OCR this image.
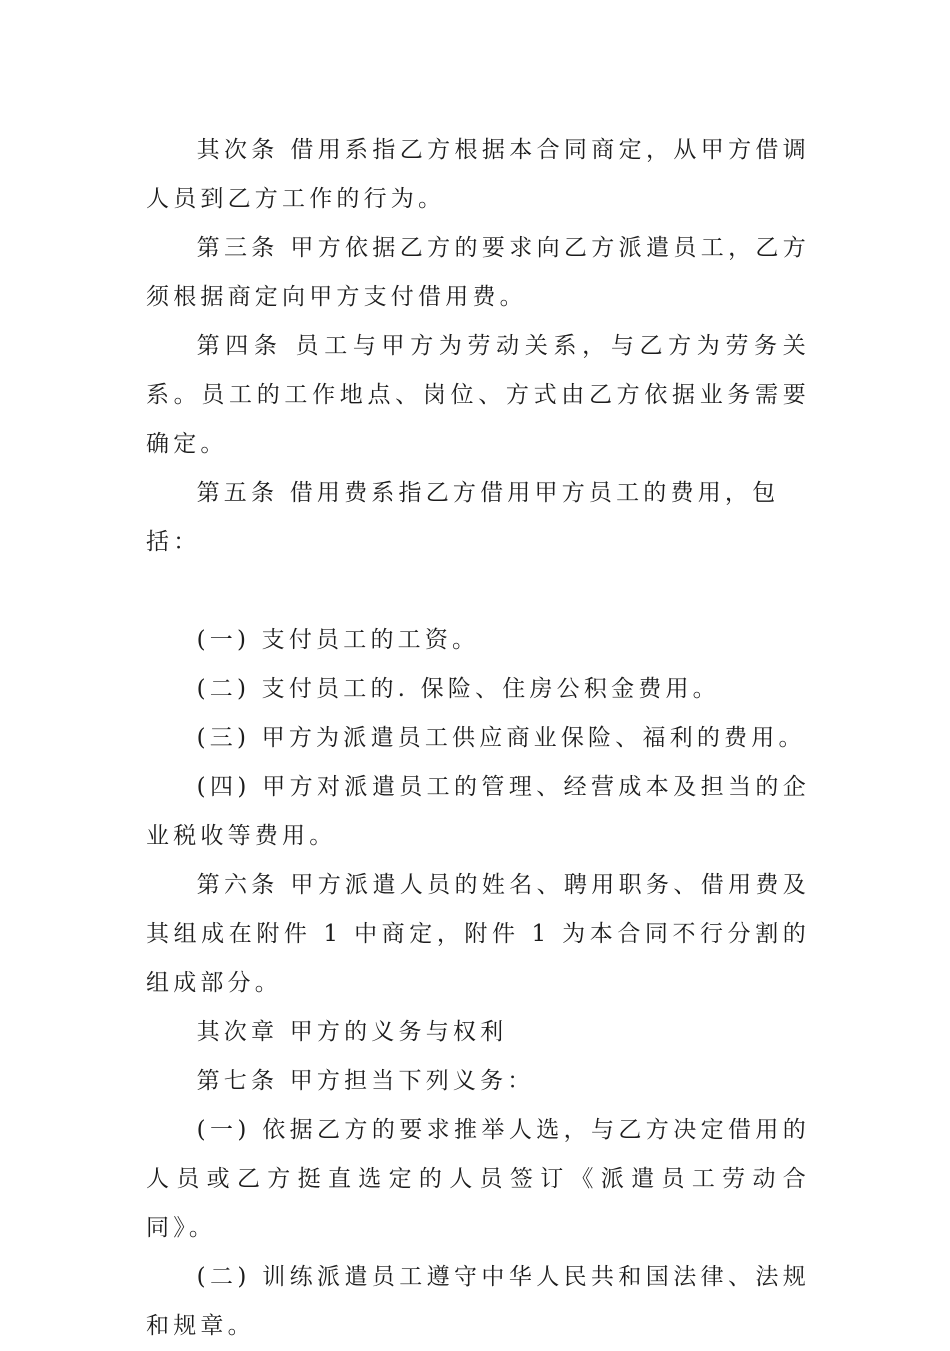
其次条 借用系指乙方根据本合同商定，从甲方借调人员到乙方工作的行为。

第三条 甲方依据乙方的要求向乙方派遣员工，乙方须根据商定向甲方支付借用费。

第四条 员工与甲方为劳动关系，与乙方为劳务关系。员工的工作地点、岗位、方式由乙方依据业务需要确定。

第五条 借用费系指乙方借用甲方员工的费用，包括：

(一) 支付员工的工资。

(二) 支付员工的. 保险、住房公积金费用。

(三) 甲方为派遣员工供应商业保险、福利的费用。

(四) 甲方对派遣员工的管理、经营成本及担当的企业税收等费用。

第六条 甲方派遣人员的姓名、聘用职务、借用费及其组成在附件 1 中商定，附件 1 为本合同不行分割的组成部分。

其次章 甲方的义务与权利

第七条 甲方担当下列义务：

(一) 依据乙方的要求推举人选，与乙方决定借用的人员或乙方挺直选定的人员签订《派遣员工劳动合同》。

(二) 训练派遣员工遵守中华人民共和国法律、法规和规章。
